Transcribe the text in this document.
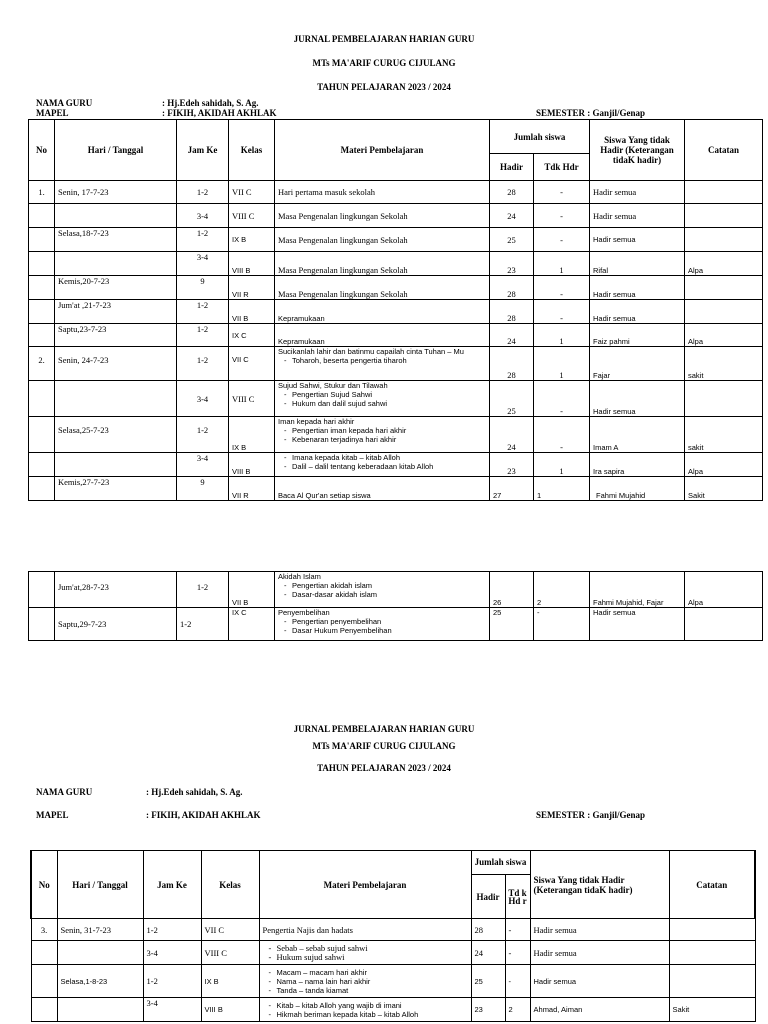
JURNAL PEMBELAJARAN HARIAN GURU
MTs MA'ARIF CURUG CIJULANG
TAHUN PELAJARAN 2023 / 2024
NAMA GURU	: Hj.Edeh sahidah, S. Ag.
MAPEL	: FIKIH, AKIDAH AKHLAK	SEMESTER : Ganjil/Genap
No	Hari / Tanggal	Jam Ke	Kelas	Materi Pembelajaran	Jumlah siswa		Siswa Yang tidak Hadir (Keterangan tidaK hadir)	Catatan
					Hadir	Tdk Hdr		
1.	Senin, 17-7-23	1-2	VII C	Hari pertama masuk sekolah	28	-	Hadir semua	
		3-4	VIII C	Masa Pengenalan lingkungan Sekolah	24	-	Hadir semua	
	Selasa,18-7-23	1-2	IX B	Masa Pengenalan lingkungan Sekolah	25	-	Hadir semua	
		3-4	VIII B	Masa Pengenalan lingkungan Sekolah	23	1	Rifal	Alpa
	Kemis,20-7-23	9	VII R	Masa Pengenalan lingkungan Sekolah	28	-	Hadir semua	
	Jum'at ,21-7-23	1-2	VII B	Kepramukaan	28	-	Hadir semua	
	Saptu,23-7-23	1-2	IX C	Kepramukaan	24	1	Faiz pahmi	Alpa
2.	Senin, 24-7-23	1-2	VII C	Sucikanlah lahir dan batinmu capailah cinta Tuhan – Mu
- Toharoh, beserta pengertia tiharoh	28	1	Fajar	sakit
		3-4	VIII C	Sujud Sahwi, Stukur dan Tilawah
- Pengertian Sujud Sahwi
- Hukum dan dalil sujud sahwi	25	-	Hadir semua	
	Selasa,25-7-23	1-2	IX B	Iman kepada hari akhir
- Pengertian iman kepada hari akhir
- Kebenaran terjadinya hari akhir	24	-	Imam A	sakit
		3-4	VIII B	- Imana kepada kitab – kitab Alloh
- Dalil – dalil tentang keberadaan kitab Alloh	23	1	Ira sapira	Alpa
	Kemis,27-7-23	9	VII R	Baca Al Qur'an setiap siswa	27	1	Fahmi Mujahid	Sakit
	Jum'at,28-7-23	1-2	VII B	Akidah Islam
- Pengertian akidah islam
- Dasar-dasar akidah islam	26	2	Fahmi Mujahid, Fajar	Alpa
	Saptu,29-7-23	1-2	IX C	Penyembelihan
- Pengertian penyembelihan
- Dasar Hukum Penyembelihan	25	-	Hadir semua	
JURNAL PEMBELAJARAN HARIAN GURU
MTs MA'ARIF CURUG CIJULANG
TAHUN PELAJARAN 2023 / 2024
NAMA GURU	: Hj.Edeh sahidah, S. Ag.
MAPEL	: FIKIH, AKIDAH AKHLAK	SEMESTER : Ganjil/Genap
No	Hari / Tanggal	Jam Ke	Kelas	Materi Pembelajaran	Jumlah siswa		Siswa Yang tidak Hadir (Keterangan tidaK hadir)	Catatan
					Hadir	Td k Hd r		
3.	Senin, 31-7-23	1-2	VII C	Pengertia Najis dan hadats	28	-	Hadir semua	
		3-4	VIII C	- Sebab – sebab sujud sahwi
- Hukum sujud sahwi	24	-	Hadir semua	
	Selasa,1-8-23	1-2	IX B	- Macam – macam hari akhir
- Nama – nama lain hari akhir
- Tanda – tanda kiamat	25	-	Hadir semua	
		3-4	VIII B	- Kitab – kitab Alloh yang wajib di imani
- Hikmah beriman kepada kitab – kitab Alloh	23	2	Ahmad, Aiman	Sakit
